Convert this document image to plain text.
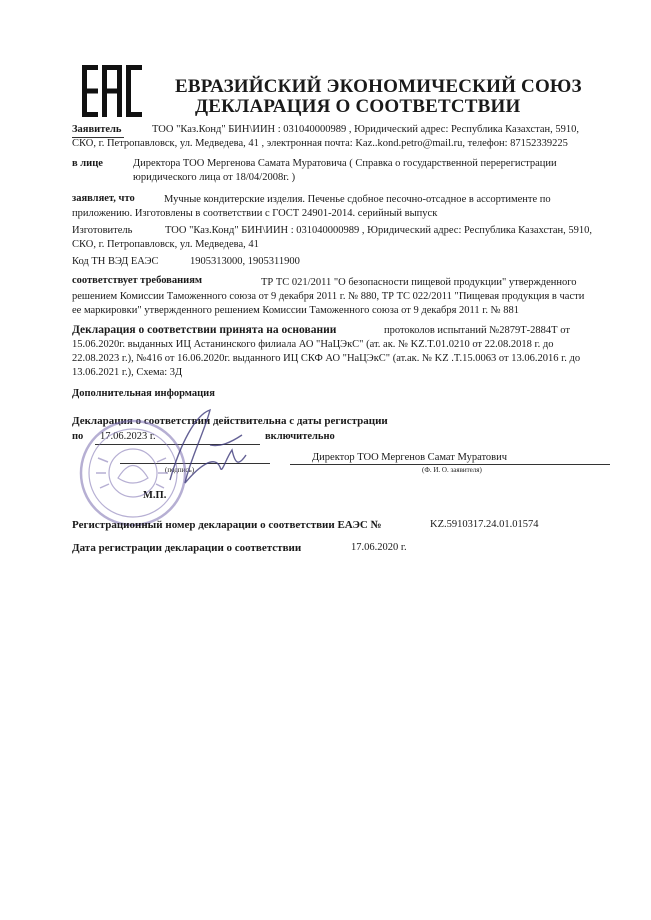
ЕВРАЗИЙСКИЙ ЭКОНОМИЧЕСКИЙ СОЮЗ
ДЕКЛАРАЦИЯ О СООТВЕТСТВИИ
Заявитель	ТОО "Каз.Конд" БИН\ИИН : 031040000989 , Юридический адрес: Республика Казахстан, 5910,
СКО, г. Петропавловск, ул. Медведева, 41 , электронная почта: Kaz..kond.petro@mail.ru, телефон: 87152339225
в лице	Директора ТОО Мергенова Самата Муратовича ( Справка о государственной перерегистрации
юридического лица от 18/04/2008г. )
заявляет, что	Мучные кондитерские изделия. Печенье сдобное песочно-отсадное в ассортименте по
приложению. Изготовлены в соответствии с ГОСТ 24901-2014. серийный выпуск
Изготовитель	ТОО "Каз.Конд" БИН\ИИН : 031040000989 , Юридический адрес: Республика Казахстан, 5910,
СКО, г. Петропавловск, ул. Медведева, 41
Код ТН ВЭД ЕАЭС	1905313000, 1905311900
соответствует требованиям	ТР ТС 021/2011 "О безопасности пищевой продукции" утвержденного
решением Комиссии Таможенного союза от 9 декабря 2011 г. № 880, ТР ТС 022/2011 "Пищевая продукция в части
ее маркировки" утвержденного решением Комиссии Таможенного союза от 9 декабря 2011 г. № 881
Декларация о соответствии принята на основании	протоколов испытаний №2879Т-2884Т от
15.06.2020г. выданных ИЦ Астанинского филиала АО "НаЦЭкС" (ат. ак. № KZ.T.01.0210 от 22.08.2018 г. до
22.08.2023 г.), №416 от 16.06.2020г. выданного ИЦ СКФ АО "НаЦЭкС" (ат.ак. № KZ .T.15.0063 от 13.06.2016 г. до
13.06.2021 г.), Схема: 3Д
Дополнительная информация
Декларация о соответствии действительна с даты регистрации
по 17.06.2023 г.	включительно
(подпись)
Директор ТОО Мергенов Самат Муратович
(Ф. И. О. заявителя)
М.П.
Регистрационный номер декларации о соответствии ЕАЭС №	KZ.5910317.24.01.01574
Дата регистрации декларации о соответствии	17.06.2020 г.
